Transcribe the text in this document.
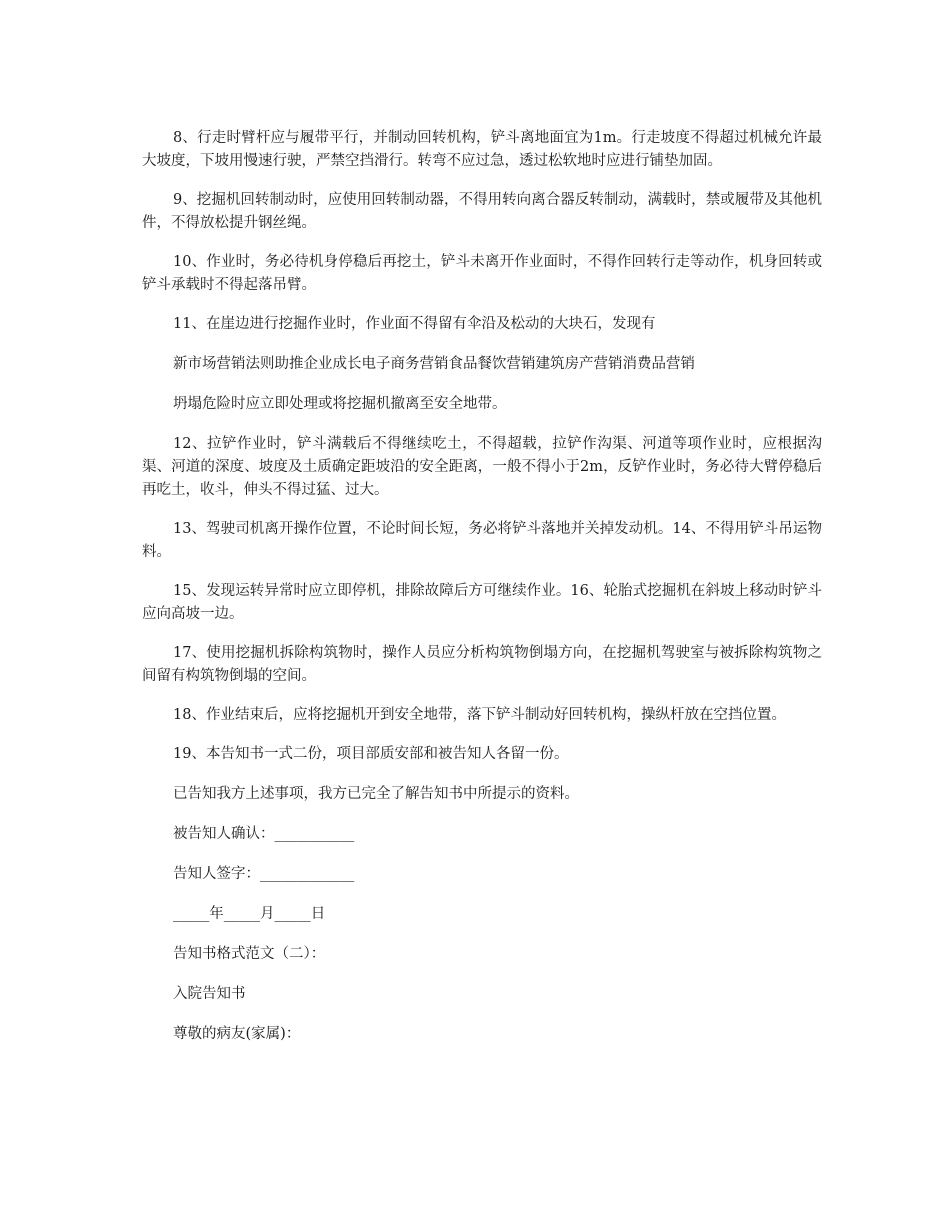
8、行走时臂杆应与履带平行，并制动回转机构，铲斗离地面宜为1m。行走坡度不得超过机械允许最大坡度，下坡用慢速行驶，严禁空挡滑行。转弯不应过急，透过松软地时应进行铺垫加固。

9、挖掘机回转制动时，应使用回转制动器，不得用转向离合器反转制动，满载时，禁或履带及其他机件，不得放松提升钢丝绳。

10、作业时，务必待机身停稳后再挖土，铲斗未离开作业面时，不得作回转行走等动作，机身回转或铲斗承载时不得起落吊臂。

11、在崖边进行挖掘作业时，作业面不得留有伞沿及松动的大块石，发现有

新市场营销法则助推企业成长电子商务营销食品餐饮营销建筑房产营销消费品营销

坍塌危险时应立即处理或将挖掘机撤离至安全地带。

12、拉铲作业时，铲斗满载后不得继续吃土，不得超载，拉铲作沟渠、河道等项作业时，应根据沟渠、河道的深度、坡度及土质确定距坡沿的安全距离，一般不得小于2m，反铲作业时，务必待大臂停稳后再吃土，收斗，伸头不得过猛、过大。

13、驾驶司机离开操作位置，不论时间长短，务必将铲斗落地并关掉发动机。14、不得用铲斗吊运物料。

15、发现运转异常时应立即停机，排除故障后方可继续作业。16、轮胎式挖掘机在斜坡上移动时铲斗应向高坡一边。

17、使用挖掘机拆除构筑物时，操作人员应分析构筑物倒塌方向，在挖掘机驾驶室与被拆除构筑物之间留有构筑物倒塌的空间。

18、作业结束后，应将挖掘机开到安全地带，落下铲斗制动好回转机构，操纵杆放在空挡位置。

19、本告知书一式二份，项目部质安部和被告知人各留一份。

已告知我方上述事项，我方已完全了解告知书中所提示的资料。

被告知人确认：___________

告知人签字：_____________

_____年_____月_____日

告知书格式范文（二）：

入院告知书

尊敬的病友(家属)：
